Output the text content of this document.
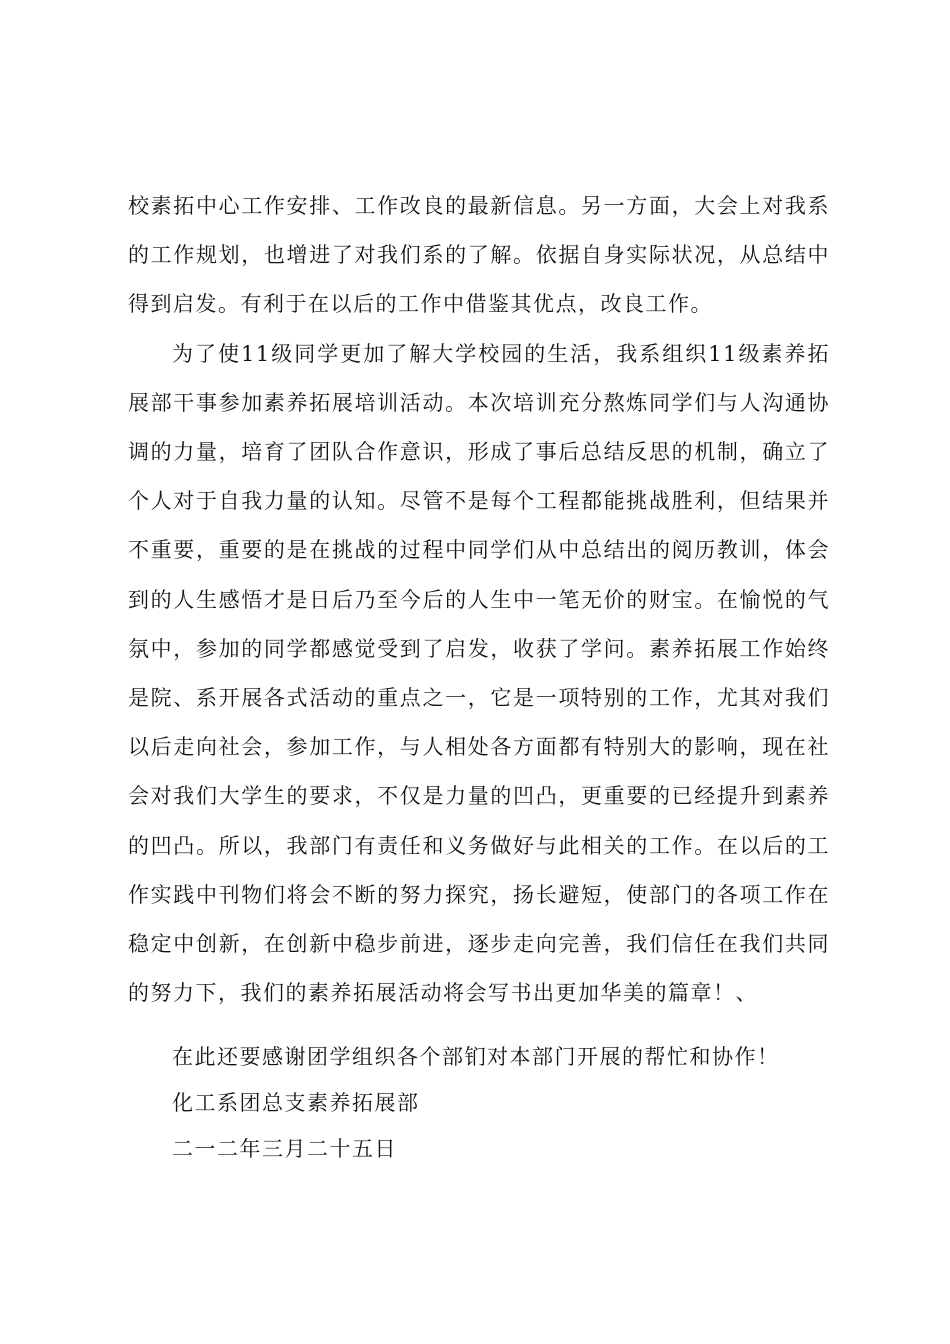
校素拓中心工作安排、工作改良的最新信息。另一方面，大会上对我系的工作规划，也增进了对我们系的了解。依据自身实际状况，从总结中得到启发。有利于在以后的工作中借鉴其优点，改良工作。

为了使11级同学更加了解大学校园的生活，我系组织11级素养拓展部干事参加素养拓展培训活动。本次培训充分熬炼同学们与人沟通协调的力量，培育了团队合作意识，形成了事后总结反思的机制，确立了个人对于自我力量的认知。尽管不是每个工程都能挑战胜利，但结果并不重要，重要的是在挑战的过程中同学们从中总结出的阅历教训，体会到的人生感悟才是日后乃至今后的人生中一笔无价的财宝。在愉悦的气氛中，参加的同学都感觉受到了启发，收获了学问。素养拓展工作始终是院、系开展各式活动的重点之一，它是一项特别的工作，尤其对我们以后走向社会，参加工作，与人相处各方面都有特别大的影响，现在社会对我们大学生的要求，不仅是力量的凹凸，更重要的已经提升到素养的凹凸。所以，我部门有责任和义务做好与此相关的工作。在以后的工作实践中刊物们将会不断的努力探究，扬长避短，使部门的各项工作在稳定中创新，在创新中稳步前进，逐步走向完善，我们信任在我们共同的努力下，我们的素养拓展活动将会写书出更加华美的篇章！、

在此还要感谢团学组织各个部钔对本部门开展的帮忙和协作！
化工系团总支素养拓展部
二一二年三月二十五日
